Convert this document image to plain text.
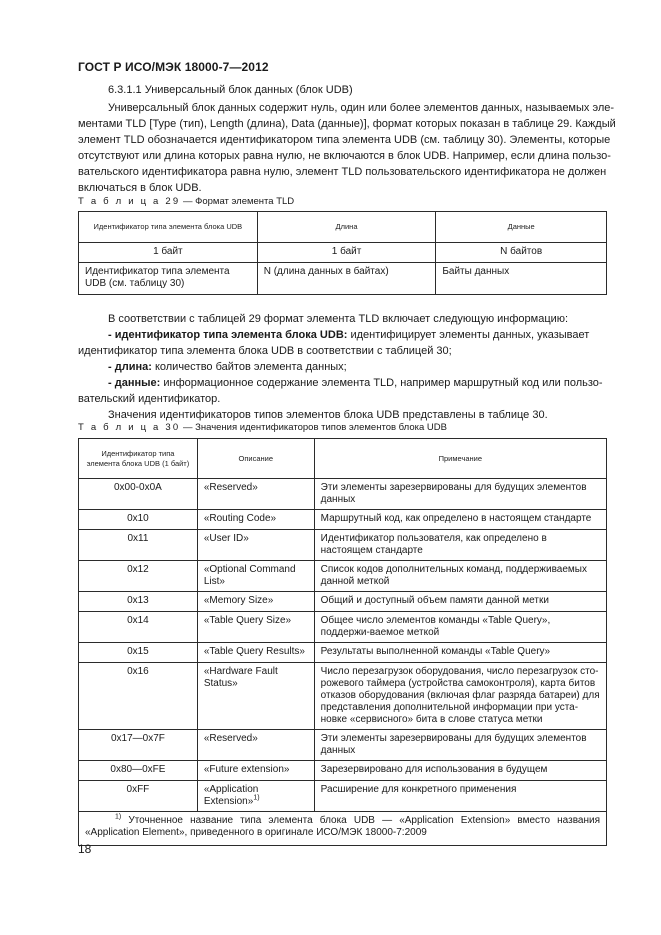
ГОСТ Р ИСО/МЭК 18000-7—2012
6.3.1.1 Универсальный блок данных (блок UDB)
Универсальный блок данных содержит нуль, один или более элементов данных, называемых эле-
ментами TLD [Type (тип), Length (длина), Data (данные)], формат которых показан в таблице 29. Каждый
элемент TLD обозначается идентификатором типа элемента UDB (см. таблицу 30). Элементы, которые
отсутствуют или длина которых равна нулю, не включаются в блок UDB. Например, если длина пользо-
вательского идентификатора равна нулю, элемент TLD пользовательского идентификатора не должен
включаться в блок UDB.
Т а б л и ц а 29 — Формат элемента TLD
Идентификатор типа элемента блока UDB	Длина	Данные
1 байт	1 байт	N байтов
Идентификатор типа элемента UDB (см. таблицу 30)	N (длина данных в байтах)	Байты данных
В соответствии с таблицей 29 формат элемента TLD включает следующую информацию:
- идентификатор типа элемента блока UDB: идентифицирует элементы данных, указывает
идентификатор типа элемента блока UDB в соответствии с таблицей 30;
- длина: количество байтов элемента данных;
- данные: информационное содержание элемента TLD, например маршрутный код или пользо-
вательский идентификатор.
Значения идентификаторов типов элементов блока UDB представлены в таблице 30.
Т а б л и ц а 30 — Значения идентификаторов типов элементов блока UDB
Идентификатор типа элемента блока UDB (1 байт)	Описание	Примечание
0x00-0x0A	«Reserved»	Эти элементы зарезервированы для будущих элементов данных
0x10	«Routing Code»	Маршрутный код, как определено в настоящем стандарте
0x11	«User ID»	Идентификатор пользователя, как определено в настоящем стандарте
0x12	«Optional Command List»	Список кодов дополнительных команд, поддерживаемых данной меткой
0x13	«Memory Size»	Общий и доступный объем памяти данной метки
0x14	«Table Query Size»	Общее число элементов команды «Table Query», поддержи-ваемое меткой
0x15	«Table Query Results»	Результаты выполненной команды «Table Query»
0x16	«Hardware Fault Status»	Число перезагрузок оборудования, число перезагрузок сто-рожевого таймера (устройства самоконтроля), карта битов отказов оборудования (включая флаг разряда батареи) для представления дополнительной информации при уста-новке «сервисного» бита в слове статуса метки
0x17—0x7F	«Reserved»	Эти элементы зарезервированы для будущих элементов данных
0x80—0xFE	«Future extension»	Зарезервировано для использования в будущем
0xFF	«Application Extension»$^{1)}$	Расширение для конкретного применения
$^{1)}$ Уточненное название типа элемента блока UDB — «Application Extension» вместо названия «Application Element», приведенного в оригинале ИСО/МЭК 18000-7:2009		
18
